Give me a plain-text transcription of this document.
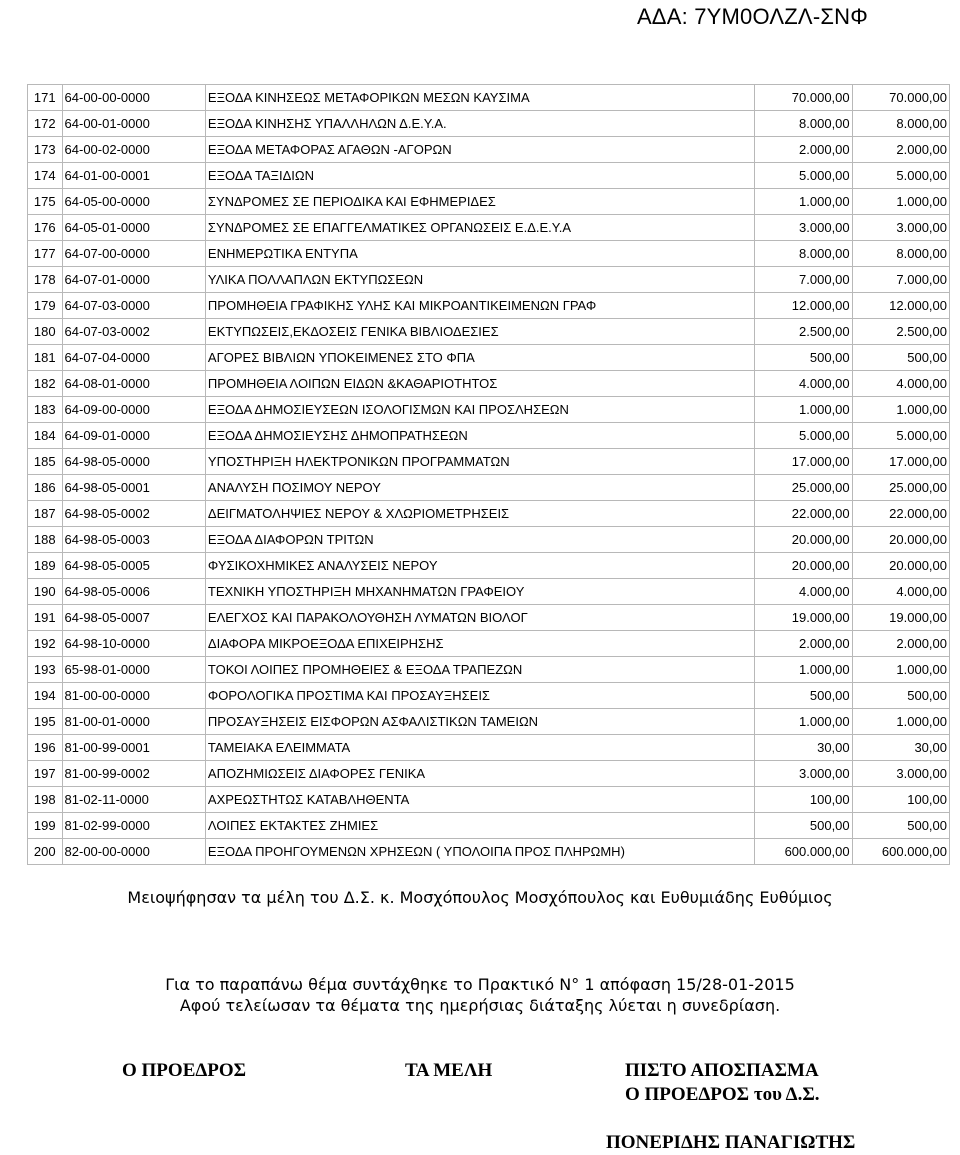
ΑΔΑ: 7ΥΜ0ΟΛΖΛ-ΣΝΦ
171	64-00-00-0000	ΕΞΟΔΑ ΚΙΝΗΣΕΩΣ ΜΕΤΑΦΟΡΙΚΩΝ ΜΕΣΩΝ ΚΑΥΣΙΜΑ	70.000,00	70.000,00
172	64-00-01-0000	ΕΞΟΔΑ ΚΙΝΗΣΗΣ ΥΠΑΛΛΗΛΩΝ Δ.Ε.Υ.Α.	8.000,00	8.000,00
173	64-00-02-0000	ΕΞΟΔΑ ΜΕΤΑΦΟΡΑΣ ΑΓΑΘΩΝ -ΑΓΟΡΩΝ	2.000,00	2.000,00
174	64-01-00-0001	ΕΞΟΔΑ ΤΑΞΙΔΙΩΝ	5.000,00	5.000,00
175	64-05-00-0000	ΣΥΝΔΡΟΜΕΣ ΣΕ ΠΕΡΙΟΔΙΚΑ ΚΑΙ ΕΦΗΜΕΡΙΔΕΣ	1.000,00	1.000,00
176	64-05-01-0000	ΣΥΝΔΡΟΜΕΣ ΣΕ ΕΠΑΓΓΕΛΜΑΤΙΚΕΣ ΟΡΓΑΝΩΣΕΙΣ Ε.Δ.Ε.Υ.Α	3.000,00	3.000,00
177	64-07-00-0000	ΕΝΗΜΕΡΩΤΙΚΑ ΕΝΤΥΠΑ	8.000,00	8.000,00
178	64-07-01-0000	ΥΛΙΚΑ ΠΟΛΛΑΠΛΩΝ ΕΚΤΥΠΩΣΕΩΝ	7.000,00	7.000,00
179	64-07-03-0000	ΠΡΟΜΗΘΕΙΑ ΓΡΑΦΙΚΗΣ ΥΛΗΣ ΚΑΙ ΜΙΚΡΟΑΝΤΙΚΕΙΜΕΝΩΝ ΓΡΑΦ	12.000,00	12.000,00
180	64-07-03-0002	ΕΚΤΥΠΩΣΕΙΣ,ΕΚΔΟΣΕΙΣ ΓΕΝΙΚΑ ΒΙΒΛΙΟΔΕΣΙΕΣ	2.500,00	2.500,00
181	64-07-04-0000	ΑΓΟΡΕΣ ΒΙΒΛΙΩΝ ΥΠΟΚΕΙΜΕΝΕΣ ΣΤΟ ΦΠΑ	500,00	500,00
182	64-08-01-0000	ΠΡΟΜΗΘΕΙΑ ΛΟΙΠΩΝ ΕΙΔΩΝ &ΚΑΘΑΡΙΟΤΗΤΟΣ	4.000,00	4.000,00
183	64-09-00-0000	ΕΞΟΔΑ ΔΗΜΟΣΙΕΥΣΕΩΝ ΙΣΟΛΟΓΙΣΜΩΝ ΚΑΙ ΠΡΟΣΛΗΣΕΩΝ	1.000,00	1.000,00
184	64-09-01-0000	ΕΞΟΔΑ ΔΗΜΟΣΙΕΥΣΗΣ ΔΗΜΟΠΡΑΤΗΣΕΩΝ	5.000,00	5.000,00
185	64-98-05-0000	ΥΠΟΣΤΗΡΙΞΗ ΗΛΕΚΤΡΟΝΙΚΩΝ ΠΡΟΓΡΑΜΜΑΤΩΝ	17.000,00	17.000,00
186	64-98-05-0001	ΑΝΑΛΥΣΗ ΠΟΣΙΜΟΥ ΝΕΡΟΥ	25.000,00	25.000,00
187	64-98-05-0002	ΔΕΙΓΜΑΤΟΛΗΨΙΕΣ ΝΕΡΟΥ & ΧΛΩΡΙΟΜΕΤΡΗΣΕΙΣ	22.000,00	22.000,00
188	64-98-05-0003	ΕΞΟΔΑ ΔΙΑΦΟΡΩΝ ΤΡΙΤΩΝ	20.000,00	20.000,00
189	64-98-05-0005	ΦΥΣΙΚΟΧΗΜΙΚΕΣ ΑΝΑΛΥΣΕΙΣ ΝΕΡΟΥ	20.000,00	20.000,00
190	64-98-05-0006	ΤΕΧΝΙΚΗ ΥΠΟΣΤΗΡΙΞΗ ΜΗΧΑΝΗΜΑΤΩΝ ΓΡΑΦΕΙΟΥ	4.000,00	4.000,00
191	64-98-05-0007	ΕΛΕΓΧΟΣ ΚΑΙ ΠΑΡΑΚΟΛΟΥΘΗΣΗ ΛΥΜΑΤΩΝ ΒΙΟΛΟΓ	19.000,00	19.000,00
192	64-98-10-0000	ΔΙΑΦΟΡΑ ΜΙΚΡΟΕΞΟΔΑ ΕΠΙΧΕΙΡΗΣΗΣ	2.000,00	2.000,00
193	65-98-01-0000	ΤΟΚΟΙ ΛΟΙΠΕΣ ΠΡΟΜΗΘΕΙΕΣ & ΕΞΟΔΑ ΤΡΑΠΕΖΩΝ	1.000,00	1.000,00
194	81-00-00-0000	ΦΟΡΟΛΟΓΙΚΑ ΠΡΟΣΤΙΜΑ ΚΑΙ ΠΡΟΣΑΥΞΗΣΕΙΣ	500,00	500,00
195	81-00-01-0000	ΠΡΟΣΑΥΞΗΣΕΙΣ ΕΙΣΦΟΡΩΝ ΑΣΦΑΛΙΣΤΙΚΩΝ ΤΑΜΕΙΩΝ	1.000,00	1.000,00
196	81-00-99-0001	ΤΑΜΕΙΑΚΑ ΕΛΕΙΜΜΑΤΑ	30,00	30,00
197	81-00-99-0002	ΑΠΟΖΗΜΙΩΣΕΙΣ ΔΙΑΦΟΡΕΣ ΓΕΝΙΚΑ	3.000,00	3.000,00
198	81-02-11-0000	ΑΧΡΕΩΣΤΗΤΩΣ ΚΑΤΑΒΛΗΘΕΝΤΑ	100,00	100,00
199	81-02-99-0000	ΛΟΙΠΕΣ ΕΚΤΑΚΤΕΣ ΖΗΜΙΕΣ	500,00	500,00
200	82-00-00-0000	ΕΞΟΔΑ ΠΡΟΗΓΟΥΜΕΝΩΝ ΧΡΗΣΕΩΝ ( ΥΠΟΛΟΙΠΑ ΠΡΟΣ ΠΛΗΡΩΜΗ)	600.000,00	600.000,00
Μειοψήφησαν τα μέλη του Δ.Σ. κ. Μοσχόπουλος Μοσχόπουλος και Ευθυμιάδης Ευθύμιος
Για το παραπάνω θέμα συντάχθηκε το Πρακτικό N° 1 απόφαση 15/28-01-2015
Αφού τελείωσαν τα θέματα της ημερήσιας διάταξης λύεται η συνεδρίαση.
Ο ΠΡΟΕΔΡΟΣ	ΤΑ ΜΕΛΗ	ΠΙΣΤΟ ΑΠΟΣΠΑΣΜΑ
Ο ΠΡΟΕΔΡΟΣ του Δ.Σ.
ΠΟΝΕΡΙΔΗΣ ΠΑΝΑΓΙΩΤΗΣ
